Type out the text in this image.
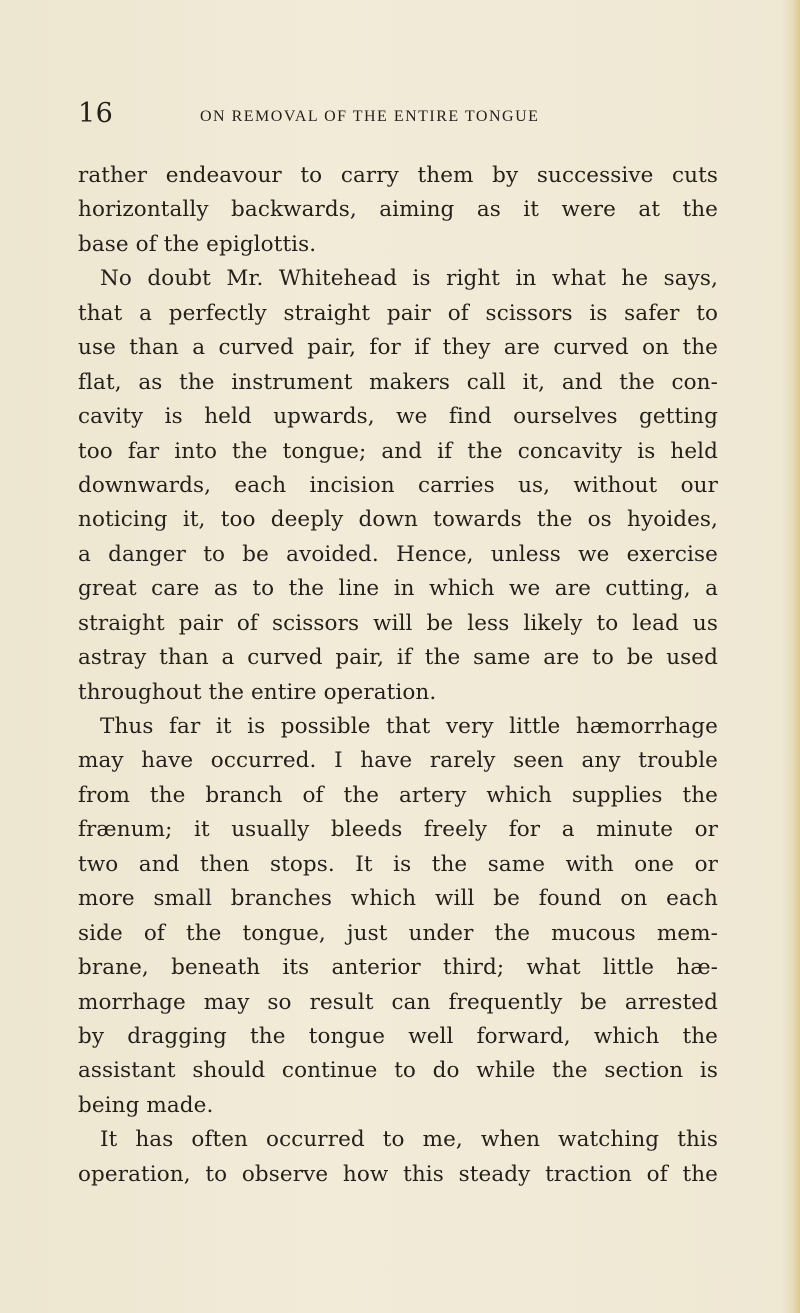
16	ON REMOVAL OF THE ENTIRE TONGUE
rather endeavour to carry them by successive cuts
horizontally backwards, aiming as it were at the
base of the epiglottis.
No doubt Mr. Whitehead is right in what he says,
that a perfectly straight pair of scissors is safer to
use than a curved pair, for if they are curved on the
flat, as the instrument makers call it, and the con-
cavity is held upwards, we find ourselves getting
too far into the tongue; and if the concavity is held
downwards, each incision carries us, without our
noticing it, too deeply down towards the os hyoides,
a danger to be avoided. Hence, unless we exercise
great care as to the line in which we are cutting, a
straight pair of scissors will be less likely to lead us
astray than a curved pair, if the same are to be used
throughout the entire operation.
Thus far it is possible that very little hæmorrhage
may have occurred. I have rarely seen any trouble
from the branch of the artery which supplies the
frænum; it usually bleeds freely for a minute or
two and then stops. It is the same with one or
more small branches which will be found on each
side of the tongue, just under the mucous mem-
brane, beneath its anterior third; what little hæ-
morrhage may so result can frequently be arrested
by dragging the tongue well forward, which the
assistant should continue to do while the section is
being made.
It has often occurred to me, when watching this
operation, to observe how this steady traction of the
